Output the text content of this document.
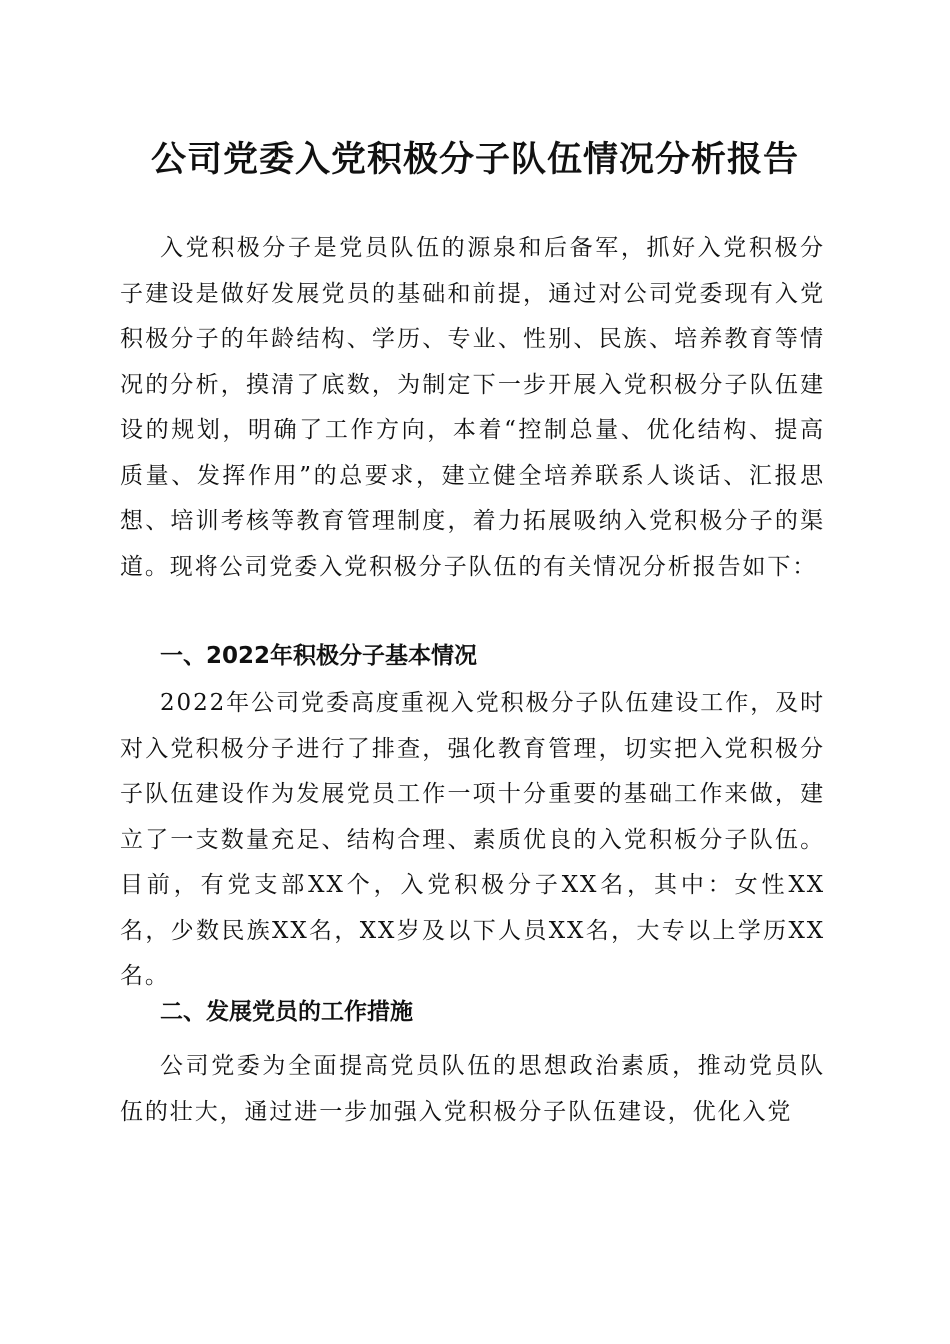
公司党委入党积极分子队伍情况分析报告

入党积极分子是党员队伍的源泉和后备军，抓好入党积极分子建设是做好发展党员的基础和前提，通过对公司党委现有入党积极分子的年龄结构、学历、专业、性别、民族、培养教育等情况的分析，摸清了底数，为制定下一步开展入党积极分子队伍建设的规划，明确了工作方向，本着“控制总量、优化结构、提高质量、发挥作用”的总要求，建立健全培养联系人谈话、汇报思想、培训考核等教育管理制度，着力拓展吸纳入党积极分子的渠道。现将公司党委入党积极分子队伍的有关情况分析报告如下：

一、2022年积极分子基本情况

2022年公司党委高度重视入党积极分子队伍建设工作，及时对入党积极分子进行了排查，强化教育管理，切实把入党积极分子队伍建设作为发展党员工作一项十分重要的基础工作来做，建立了一支数量充足、结构合理、素质优良的入党积板分子队伍。目前，有党支部XX个，入党积极分子XX名，其中：女性XX名，少数民族XX名，XX岁及以下人员XX名，大专以上学历XX名。

二、发展党员的工作措施

公司党委为全面提高党员队伍的思想政治素质，推动党员队伍的壮大，通过进一步加强入党积极分子队伍建设，优化入党
